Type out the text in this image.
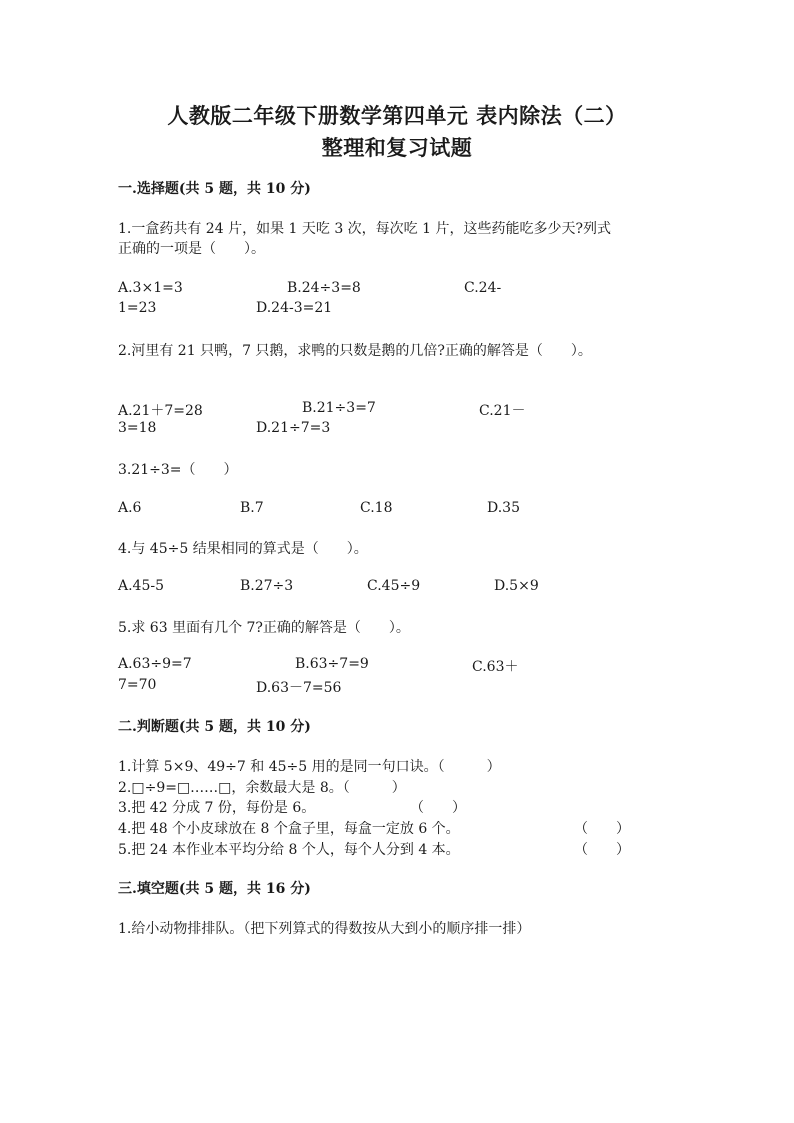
人教版二年级下册数学第四单元 表内除法（二）
整理和复习试题
一.选择题(共 5 题，共 10 分)
1.一盒药共有 24 片，如果 1 天吃 3 次，每次吃 1 片，这些药能吃多少天?列式
正确的一项是（　　）。
A.3×1=3	B.24÷3=8	C.24-
1=23	D.24-3=21
2.河里有 21 只鸭，7 只鹅，求鸭的只数是鹅的几倍?正确的解答是（　　）。
A.21＋7=28	B.21÷3=7	C.21－
3=18	D.21÷7=3
3.21÷3=（　　）
A.6	B.7	C.18	D.35
4.与 45÷5 结果相同的算式是（　　）。
A.45-5	B.27÷3	C.45÷9	D.5×9
5.求 63 里面有几个 7?正确的解答是（　　）。
A.63÷9=7	B.63÷7=9	C.63＋
7=70	D.63－7=56
二.判断题(共 5 题，共 10 分)
1.计算 5×9、49÷7 和 45÷5 用的是同一句口诀。（　　　）
2.□÷9=□……□，余数最大是 8。（　　　）
3.把 42 分成 7 份，每份是 6。	（　　）
4.把 48 个小皮球放在 8 个盒子里，每盒一定放 6 个。	（　　）
5.把 24 本作业本平均分给 8 个人，每个人分到 4 本。	（　　）
三.填空题(共 5 题，共 16 分)
1.给小动物排排队。（把下列算式的得数按从大到小的顺序排一排）
